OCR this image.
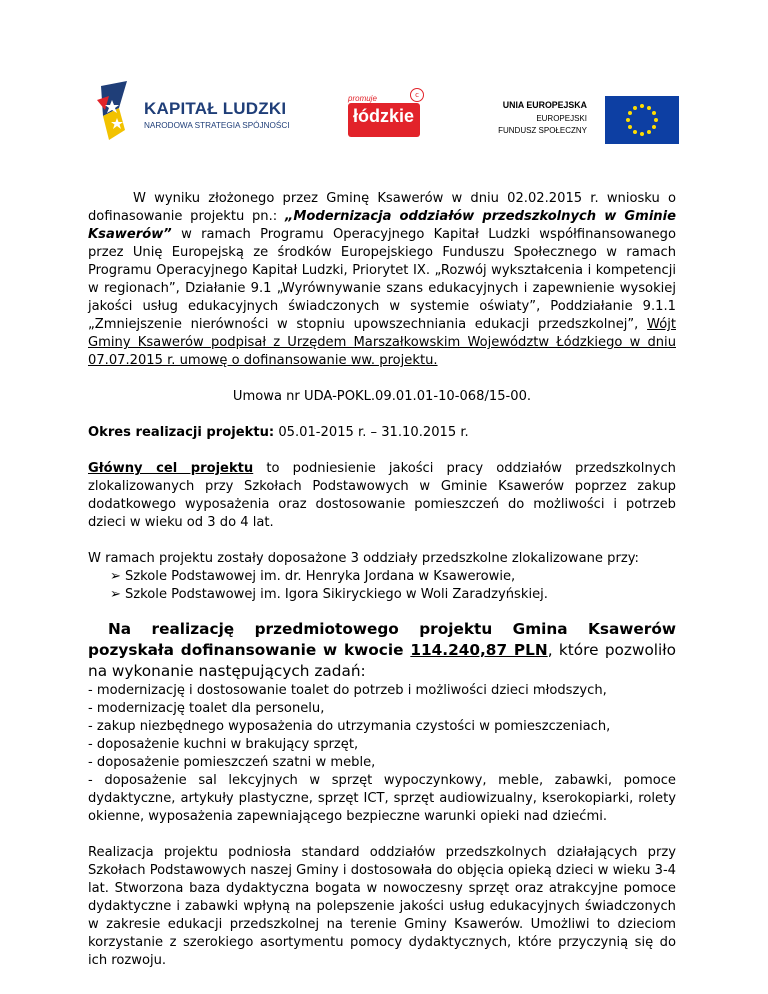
KAPITAŁ LUDZKI
NARODOWA STRATEGIA SPÓJNOŚCI
promuje	c
łódzkie
UNIA EUROPEJSKA
EUROPEJSKI
FUNDUSZ SPOŁECZNY

W wyniku złożonego przez Gminę Ksawerów w dniu 02.02.2015 r. wniosku o dofinasowanie projektu pn.: „Modernizacja oddziałów przedszkolnych w Gminie Ksawerów” w ramach Programu Operacyjnego Kapitał Ludzki współfinansowanego przez Unię Europejską ze środków Europejskiego Funduszu Społecznego w ramach Programu Operacyjnego Kapitał Ludzki, Priorytet IX. „Rozwój wykształcenia i kompetencji w regionach”, Działanie 9.1 „Wyrównywanie szans edukacyjnych i zapewnienie wysokiej jakości usług edukacyjnych świadczonych w systemie oświaty”, Poddziałanie 9.1.1 „Zmniejszenie nierówności w stopniu upowszechniania edukacji przedszkolnej”, Wójt Gminy Ksawerów podpisał z Urzędem Marszałkowskim Województw Łódzkiego w dniu 07.07.2015 r. umowę o dofinansowanie ww. projektu.

Umowa nr UDA-POKL.09.01.01-10-068/15-00.

Okres realizacji projektu: 05.01-2015 r. – 31.10.2015 r.

Główny cel projektu to podniesienie jakości pracy oddziałów przedszkolnych zlokalizowanych przy Szkołach Podstawowych w Gminie Ksawerów poprzez zakup dodatkowego wyposażenia oraz dostosowanie pomieszczeń do możliwości i potrzeb dzieci w wieku od 3 do 4 lat.

W ramach projektu zostały doposażone 3 oddziały przedszkolne zlokalizowane przy:

➢ Szkole Podstawowej im. dr. Henryka Jordana w Ksawerowie,
➢ Szkole Podstawowej im. Igora Sikiryckiego w Woli Zaradzyńskiej.

Na realizację przedmiotowego projektu Gmina Ksawerów pozyskała dofinansowanie w kwocie 114.240,87 PLN, które pozwoliło na wykonanie następujących zadań:

- modernizację i dostosowanie toalet do potrzeb i możliwości dzieci młodszych,

- modernizację toalet dla personelu,

- zakup niezbędnego wyposażenia do utrzymania czystości w pomieszczeniach,

- doposażenie kuchni w brakujący sprzęt,

- doposażenie pomieszczeń szatni w meble,

- doposażenie sal lekcyjnych w sprzęt wypoczynkowy, meble, zabawki, pomoce dydaktyczne, artykuły plastyczne, sprzęt ICT, sprzęt audiowizualny, kserokopiarki, rolety okienne, wyposażenia zapewniającego bezpieczne warunki opieki nad dziećmi.

Realizacja projektu podniosła standard oddziałów przedszkolnych działających przy Szkołach Podstawowych naszej Gminy i dostosowała do objęcia opieką dzieci w wieku 3-4 lat. Stworzona baza dydaktyczna bogata w nowoczesny sprzęt oraz atrakcyjne pomoce dydaktyczne i zabawki wpłyną na polepszenie jakości usług edukacyjnych świadczonych w zakresie edukacji przedszkolnej na terenie Gminy Ksawerów. Umożliwi to dzieciom korzystanie z szerokiego asortymentu pomocy dydaktycznych, które przyczynią się do ich rozwoju.
